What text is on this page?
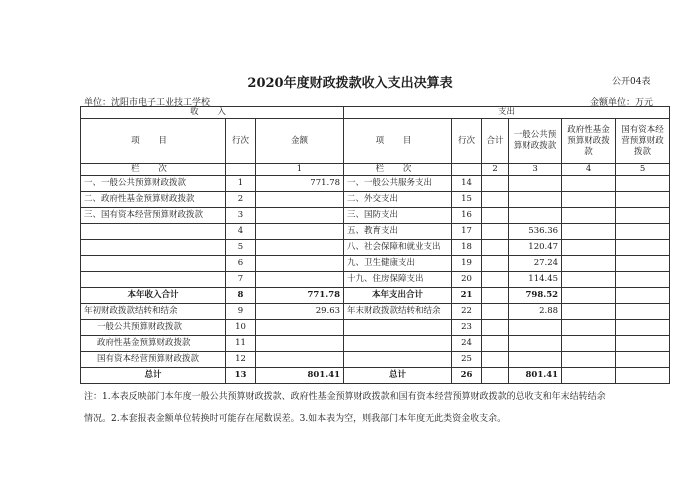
2020年度财政拨款收入支出决算表	公开04表
单位：沈阳市电子工业技工学校	金额单位：万元
收 入			支出					
项 目	行次	金额	项 目	行次	合计	一般公共预算财政拨款	政府性基金预算财政拨款	国有资本经营预算财政拨款
栏 次		1	栏 次		2	3	4	5
一、一般公共预算财政拨款	1	771.78	一、一般公共服务支出	14				
二、政府性基金预算财政拨款	2		二、外交支出	15				
三、国有资本经营预算财政拨款	3		三、国防支出	16				
	4		五、教育支出	17		536.36		
	5		八、社会保障和就业支出	18		120.47		
	6		九、卫生健康支出	19		27.24		
	7		十九、住房保障支出	20		114.45		
本年收入合计	8	771.78	本年支出合计	21		798.52		
年初财政拨款结转和结余	9	29.63	年末财政拨款结转和结余	22		2.88		
一般公共预算财政拨款	10			23				
政府性基金预算财政拨款	11			24				
国有资本经营预算财政拨款	12			25				
总计	13	801.41	总计	26		801.41		
注：1.本表反映部门本年度一般公共预算财政拨款、政府性基金预算财政拨款和国有资本经营预算财政拨款的总收支和年末结转结余
情况。2.本套报表金额单位转换时可能存在尾数误差。3.如本表为空，则我部门本年度无此类资金收支余。
